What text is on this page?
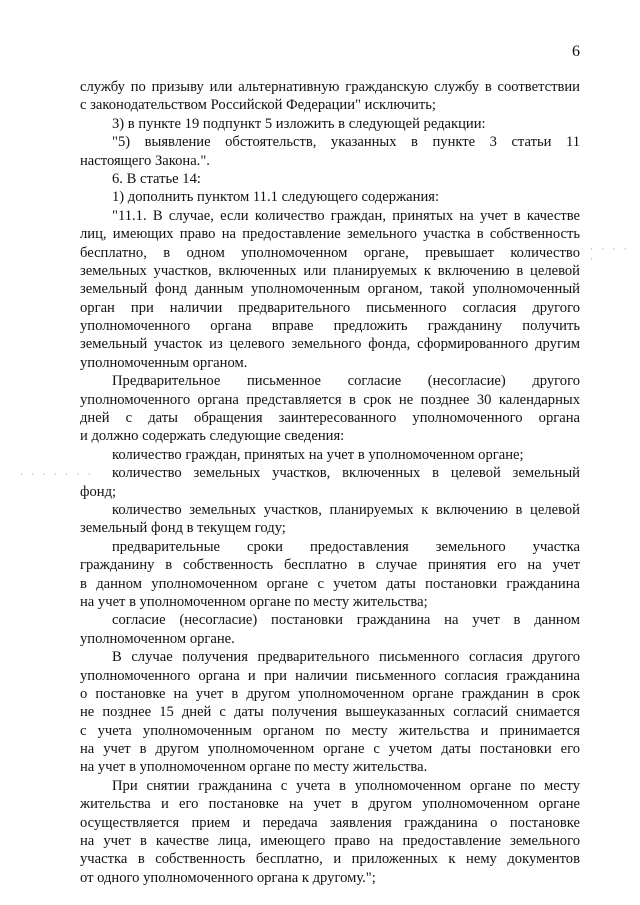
6
службу по призыву или альтернативную гражданскую службу в соответствии
с законодательством Российской Федерации" исключить;
3) в пункте 19 подпункт 5 изложить в следующей редакции:
"5) выявление обстоятельств, указанных в пункте 3 статьи 11
настоящего Закона.".
6. В статье 14:
1) дополнить пунктом 11.1 следующего содержания:
"11.1. В случае, если количество граждан, принятых на учет в качестве
лиц, имеющих право на предоставление земельного участка в собственность
бесплатно, в одном уполномоченном органе, превышает количество
земельных участков, включенных или планируемых к включению в целевой
земельный фонд данным уполномоченным органом, такой уполномоченный
орган при наличии предварительного письменного согласия другого
уполномоченного органа вправе предложить гражданину получить
земельный участок из целевого земельного фонда, сформированного другим
уполномоченным органом.
Предварительное письменное согласие (несогласие) другого
уполномоченного органа представляется в срок не позднее 30 календарных
дней с даты обращения заинтересованного уполномоченного органа
и должно содержать следующие сведения:
количество граждан, принятых на учет в уполномоченном органе;
количество земельных участков, включенных в целевой земельный
фонд;
количество земельных участков, планируемых к включению в целевой
земельный фонд в текущем году;
предварительные сроки предоставления земельного участка
гражданину в собственность бесплатно в случае принятия его на учет
в данном уполномоченном органе с учетом даты постановки гражданина
на учет в уполномоченном органе по месту жительства;
согласие (несогласие) постановки гражданина на учет в данном
уполномоченном органе.
В случае получения предварительного письменного согласия другого
уполномоченного органа и при наличии письменного согласия гражданина
о постановке на учет в другом уполномоченном органе гражданин в срок
не позднее 15 дней с даты получения вышеуказанных согласий снимается
с учета уполномоченным органом по месту жительства и принимается
на учет в другом уполномоченном органе с учетом даты постановки его
на учет в уполномоченном органе по месту жительства.
При снятии гражданина с учета в уполномоченном органе по месту
жительства и его постановке на учет в другом уполномоченном органе
осуществляется прием и передача заявления гражданина о постановке
на учет в качестве лица, имеющего право на предоставление земельного
участка в собственность бесплатно, и приложенных к нему документов
от одного уполномоченного органа к другому.";
· · · · ·
· · · · · · ·
